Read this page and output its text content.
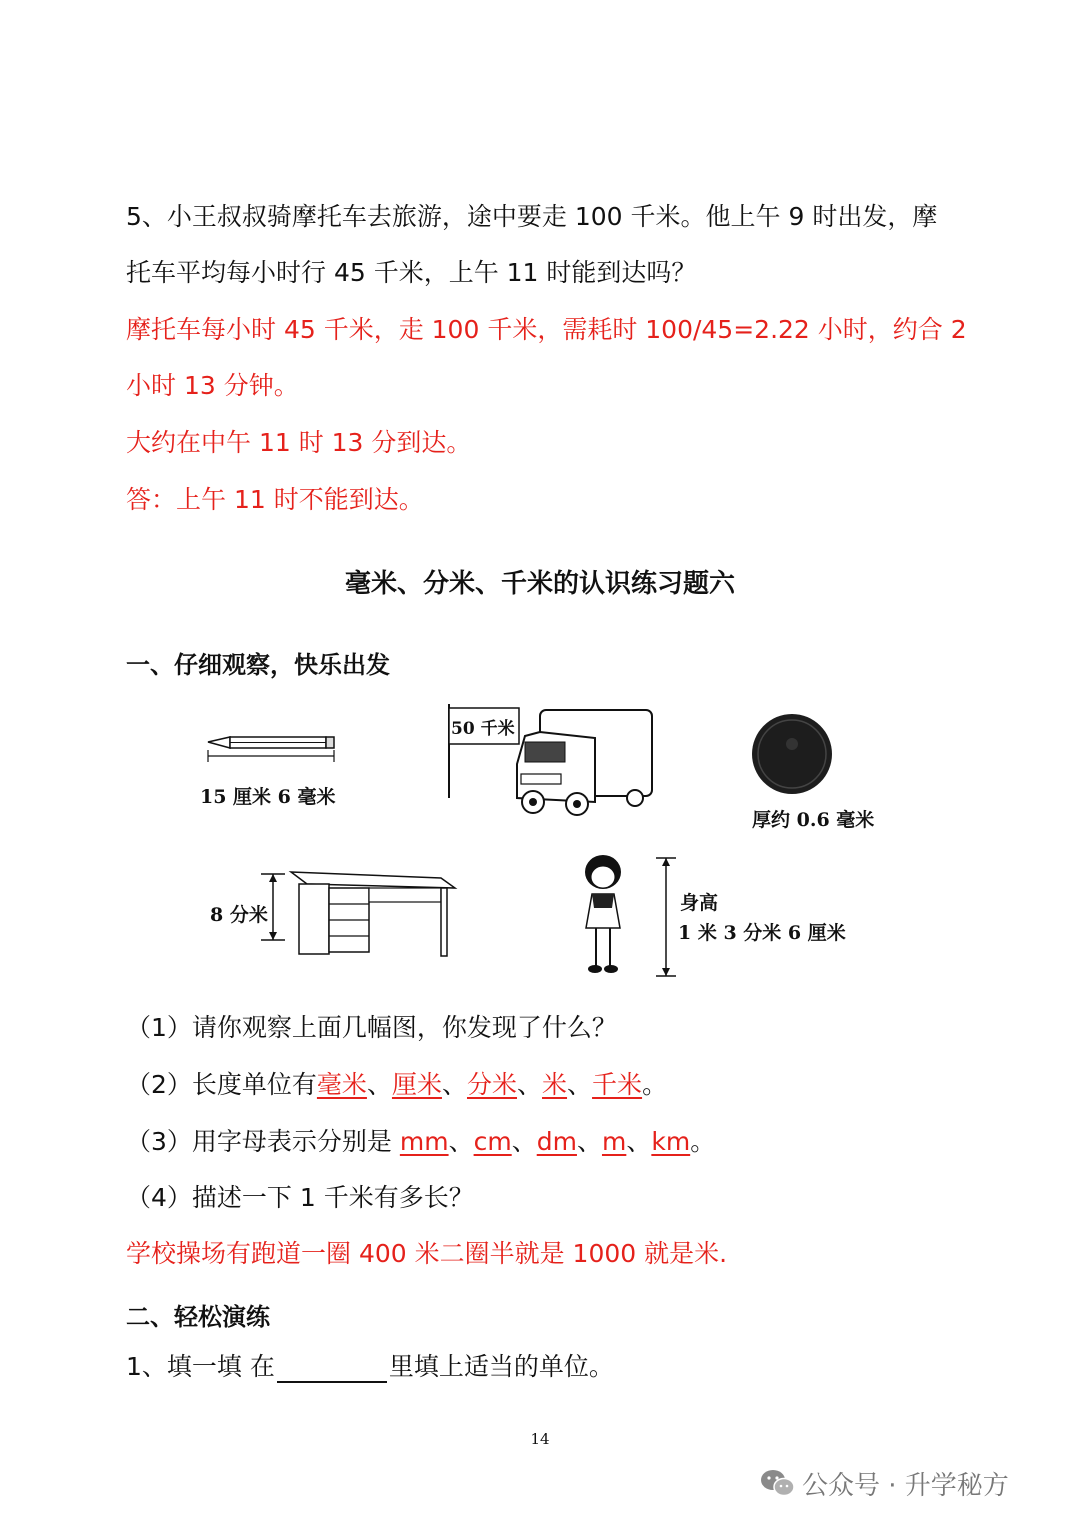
5、小王叔叔骑摩托车去旅游，途中要走 100 千米。他上午 9 时出发，摩
托车平均每小时行 45 千米，上午 11 时能到达吗？
摩托车每小时 45 千米，走 100 千米，需耗时 100/45=2.22 小时，约合 2
小时 13 分钟。
大约在中午 11 时 13 分到达。
答：上午 11 时不能到达。
毫米、分米、千米的认识练习题六
一、仔细观察，快乐出发
15 厘米 6 毫米
50 千米
厚约 0.6 毫米
8 分米
身高
1 米 3 分米 6 厘米
（1）请你观察上面几幅图，你发现了什么？
（2）长度单位有毫米、厘米、分米、米、千米。
（3）用字母表示分别是 mm、cm、dm、m、km。
（4）描述一下 1 千米有多长？
学校操场有跑道一圈 400 米二圈半就是 1000 就是米.
二、轻松演练
1、填一填 在	里填上适当的单位。
14
公众号 · 升学秘方
